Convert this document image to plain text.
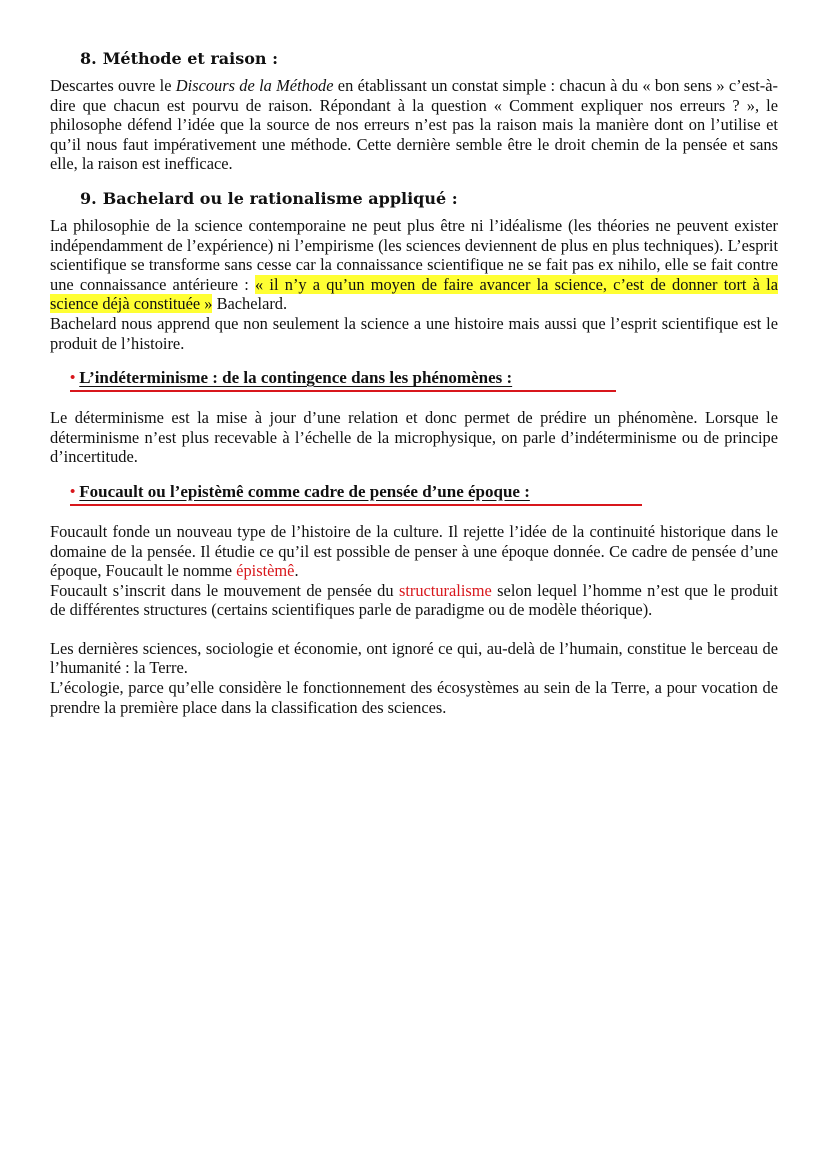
8. Méthode et raison :

Descartes ouvre le Discours de la Méthode en établissant un constat simple : chacun à du « bon sens » c’est-à-dire que chacun est pourvu de raison. Répondant à la question « Comment expliquer nos erreurs ? », le philosophe défend l’idée que la source de nos erreurs n’est pas la raison mais la manière dont on l’utilise et qu’il nous faut impérativement une méthode. Cette dernière semble être le droit chemin de la pensée et sans elle, la raison est inefficace.

9. Bachelard ou le rationalisme appliqué :

La philosophie de la science contemporaine ne peut plus être ni l’idéalisme (les théories ne peuvent exister indépendamment de l’expérience) ni l’empirisme (les sciences deviennent de plus en plus techniques). L’esprit scientifique se transforme sans cesse car la connaissance scientifique ne se fait pas ex nihilo, elle se fait contre une connaissance antérieure : « il n’y a qu’un moyen de faire avancer la science, c’est de donner tort à la science déjà constituée » Bachelard.

Bachelard nous apprend que non seulement la science a une histoire mais aussi que l’esprit scientifique est le produit de l’histoire.

• L’indéterminisme : de la contingence dans les phénomènes :

Le déterminisme est la mise à jour d’une relation et donc permet de prédire un phénomène. Lorsque le déterminisme n’est plus recevable à l’échelle de la microphysique, on parle d’indéterminisme ou de principe d’incertitude.

• Foucault ou l’epistèmê comme cadre de pensée d’une époque :

Foucault fonde un nouveau type de l’histoire de la culture. Il rejette l’idée de la continuité historique dans le domaine de la pensée. Il étudie ce qu’il est possible de penser à une époque donnée. Ce cadre de pensée d’une époque, Foucault le nomme épistèmê.

Foucault s’inscrit dans le mouvement de pensée du structuralisme selon lequel l’homme n’est que le produit de différentes structures (certains scientifiques parle de paradigme ou de modèle théorique).

Les dernières sciences, sociologie et économie, ont ignoré ce qui, au-delà de l’humain, constitue le berceau de l’humanité : la Terre.

L’écologie, parce qu’elle considère le fonctionnement des écosystèmes au sein de la Terre, a pour vocation de prendre la première place dans la classification des sciences.
